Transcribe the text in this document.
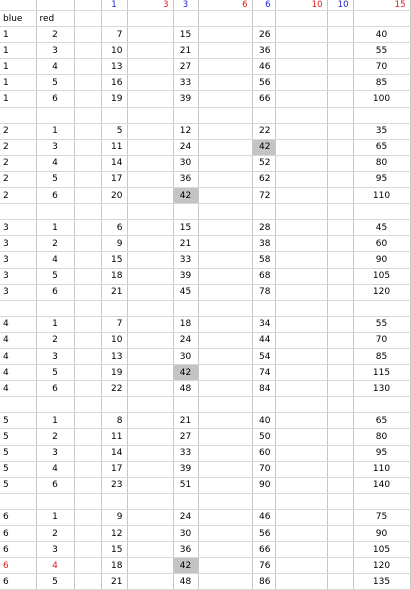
			1	3	3	6	6	10	10	15
blue	red									
1	2		7		15		26			40
1	3		10		21		36			55
1	4		13		27		46			70
1	5		16		33		56			85
1	6		19		39		66			100

2	1		5		12		22			35
2	3		11		24		42			65
2	4		14		30		52			80
2	5		17		36		62			95
2	6		20		42		72			110

3	1		6		15		28			45
3	2		9		21		38			60
3	4		15		33		58			90
3	5		18		39		68			105
3	6		21		45		78			120

4	1		7		18		34			55
4	2		10		24		44			70
4	3		13		30		54			85
4	5		19		42		74			115
4	6		22		48		84			130

5	1		8		21		40			65
5	2		11		27		50			80
5	3		14		33		60			95
5	4		17		39		70			110
5	6		23		51		90			140

6	1		9		24		46			75
6	2		12		30		56			90
6	3		15		36		66			105
6	4		18		42		76			120
6	5		21		48		86			135
